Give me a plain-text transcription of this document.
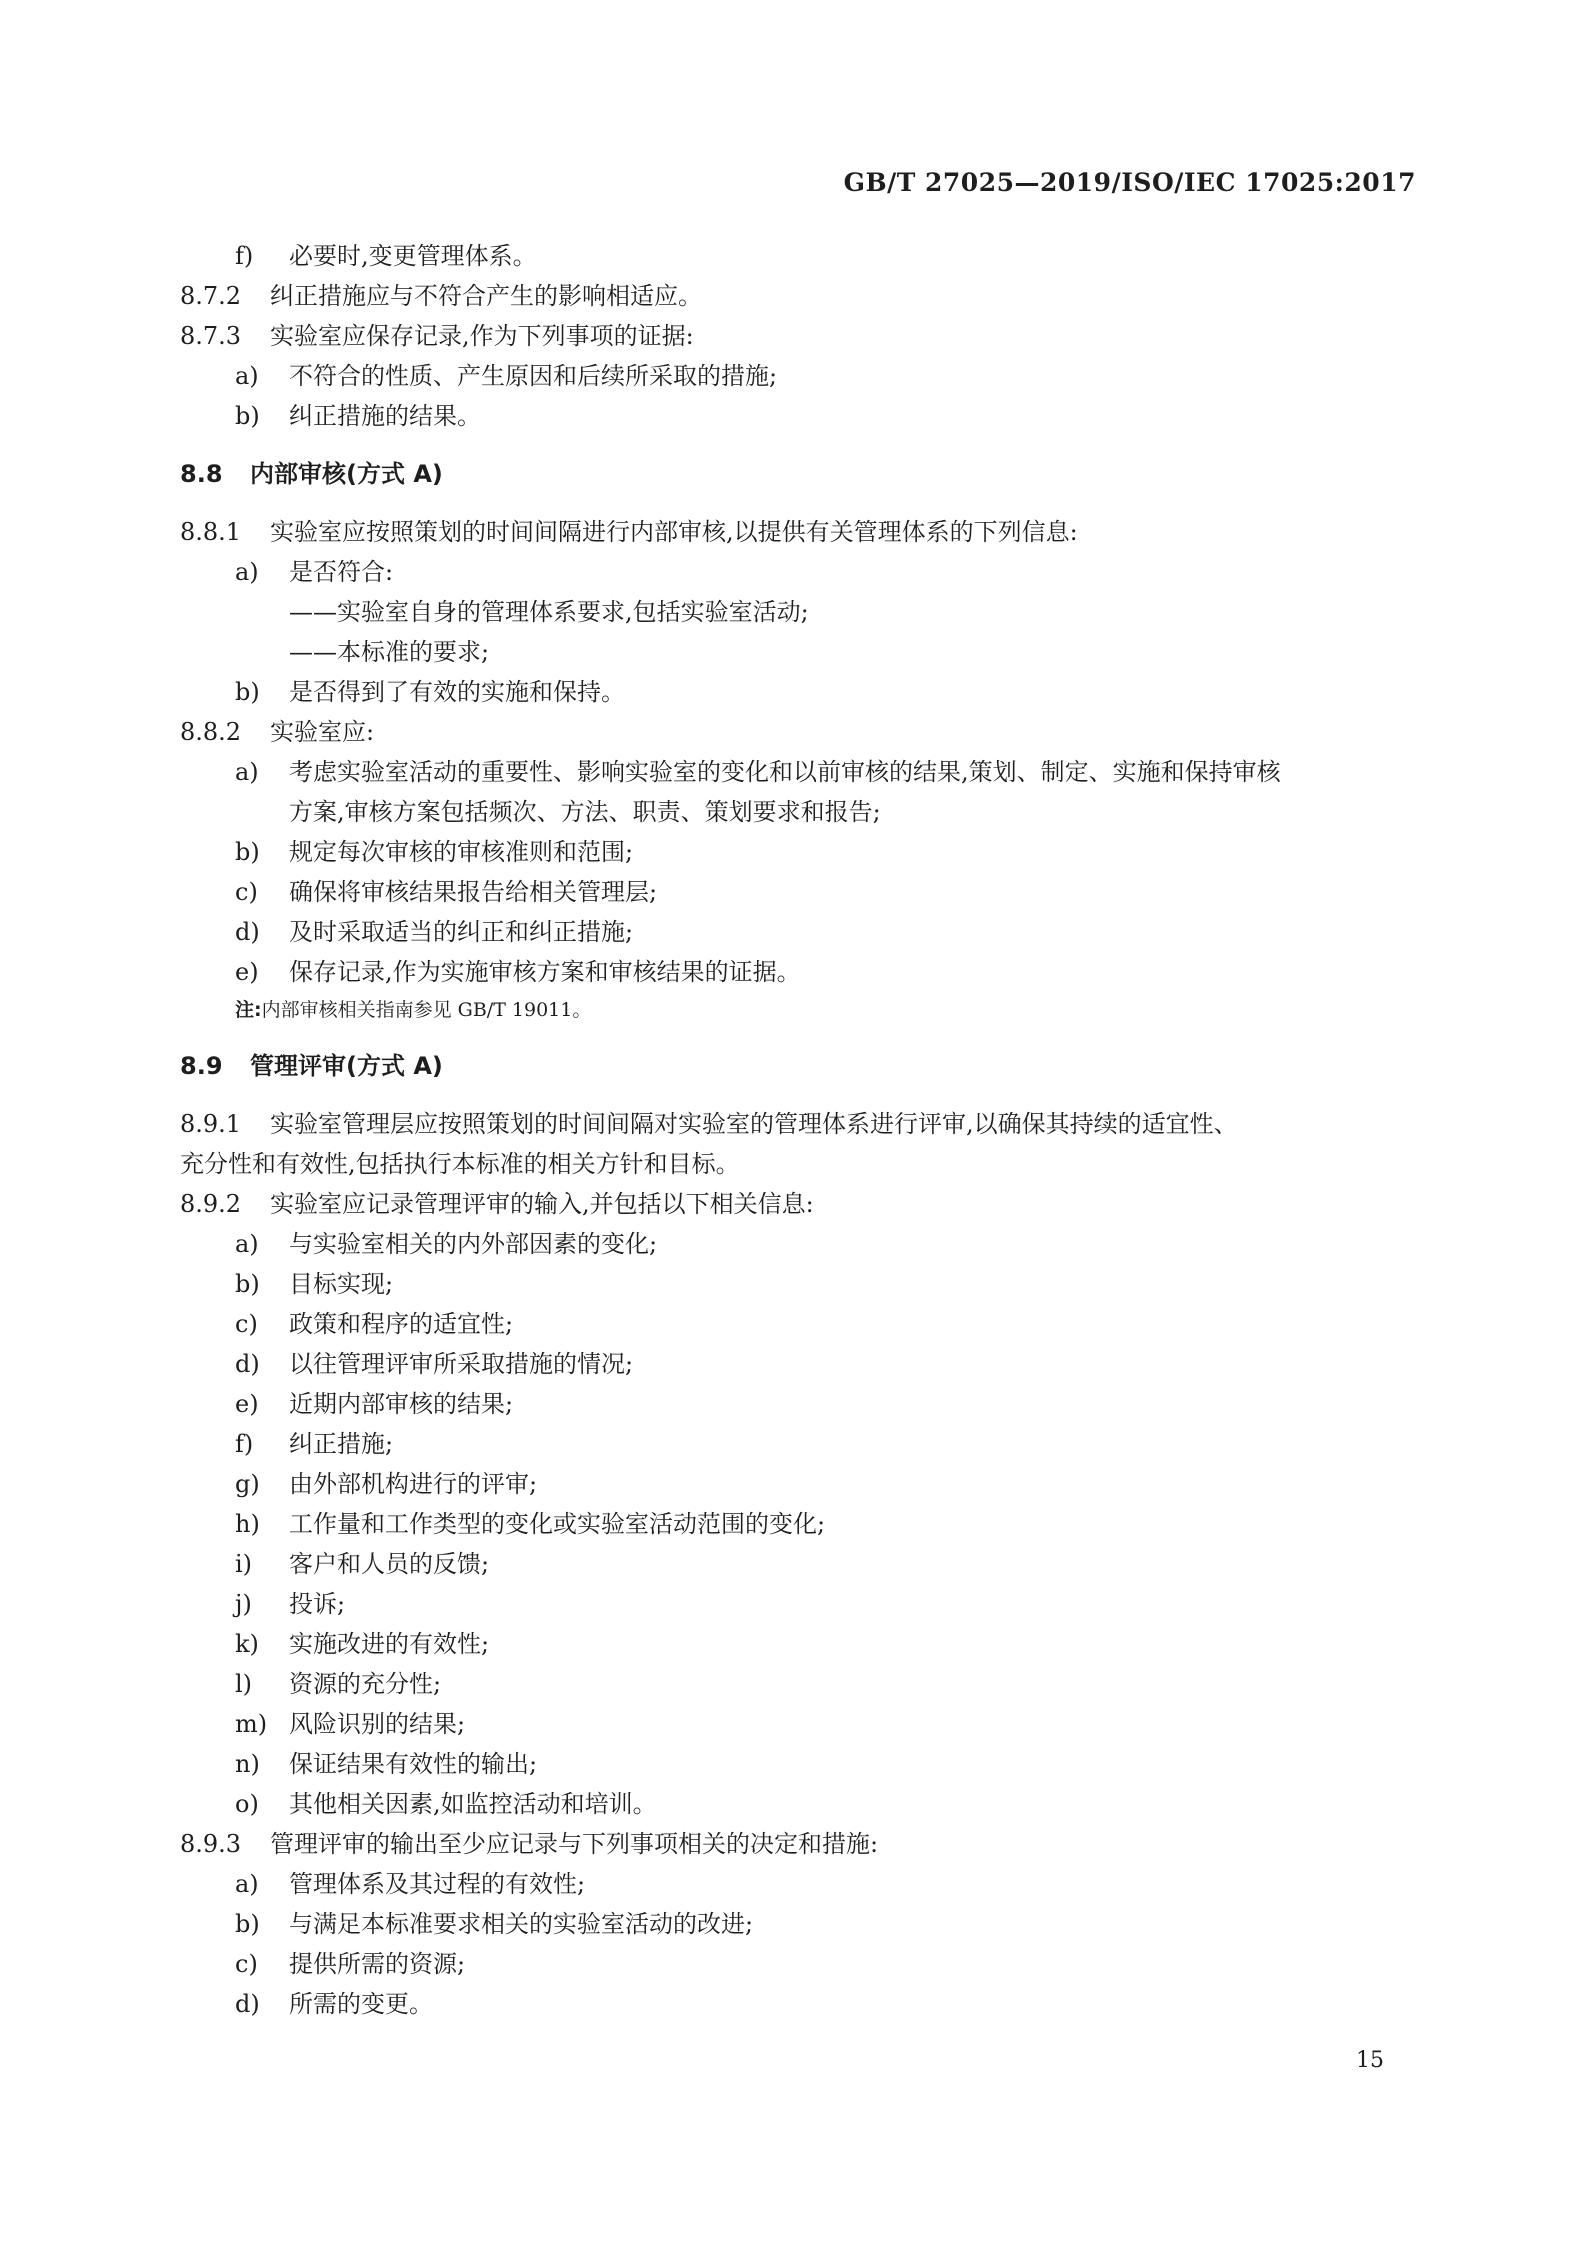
GB/T 27025—2019/ISO/IEC 17025:2017
f) 必要时,变更管理体系。
8.7.2 纠正措施应与不符合产生的影响相适应。
8.7.3 实验室应保存记录,作为下列事项的证据:
a) 不符合的性质、产生原因和后续所采取的措施;
b) 纠正措施的结果。
8.8 内部审核(方式 A)
8.8.1 实验室应按照策划的时间间隔进行内部审核,以提供有关管理体系的下列信息:
a) 是否符合:
——实验室自身的管理体系要求,包括实验室活动;
——本标准的要求;
b) 是否得到了有效的实施和保持。
8.8.2 实验室应:
a) 考虑实验室活动的重要性、影响实验室的变化和以前审核的结果,策划、制定、实施和保持审核
方案,审核方案包括频次、方法、职责、策划要求和报告;
b) 规定每次审核的审核准则和范围;
c) 确保将审核结果报告给相关管理层;
d) 及时采取适当的纠正和纠正措施;
e) 保存记录,作为实施审核方案和审核结果的证据。
注:内部审核相关指南参见 GB/T 19011。
8.9 管理评审(方式 A)
8.9.1 实验室管理层应按照策划的时间间隔对实验室的管理体系进行评审,以确保其持续的适宜性、
充分性和有效性,包括执行本标准的相关方针和目标。
8.9.2 实验室应记录管理评审的输入,并包括以下相关信息:
a) 与实验室相关的内外部因素的变化;
b) 目标实现;
c) 政策和程序的适宜性;
d) 以往管理评审所采取措施的情况;
e) 近期内部审核的结果;
f) 纠正措施;
g) 由外部机构进行的评审;
h) 工作量和工作类型的变化或实验室活动范围的变化;
i) 客户和人员的反馈;
j) 投诉;
k) 实施改进的有效性;
l) 资源的充分性;
m) 风险识别的结果;
n) 保证结果有效性的输出;
o) 其他相关因素,如监控活动和培训。
8.9.3 管理评审的输出至少应记录与下列事项相关的决定和措施:
a) 管理体系及其过程的有效性;
b) 与满足本标准要求相关的实验室活动的改进;
c) 提供所需的资源;
d) 所需的变更。
15
